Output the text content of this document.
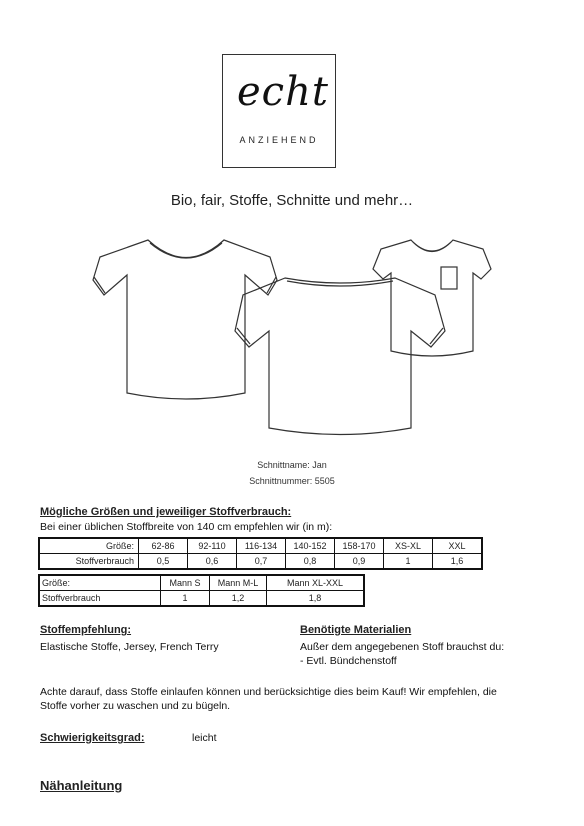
echt
ANZIEHEND
Bio, fair, Stoffe, Schnitte und mehr…
Schnittname: Jan
Schnittnummer: 5505
Mögliche Größen und jeweiliger Stoffverbrauch:
Bei einer üblichen Stoffbreite von 140 cm empfehlen wir (in m):
Größe:	62-86	92-110	116-134	140-152	158-170	XS-XL	XXL
Stoffverbrauch	0,5	0,6	0,7	0,8	0,9	1	1,6
Größe:	Mann S	Mann M-L	Mann XL-XXL
Stoffverbrauch	1	1,2	1,8
Stoffempfehlung:
Elastische Stoffe, Jersey, French Terry
Benötigte Materialien
Außer dem angegebenen Stoff brauchst du:
- Evtl. Bündchenstoff
Achte darauf, dass Stoffe einlaufen können und berücksichtige dies beim Kauf! Wir empfehlen, die
Stoffe vorher zu waschen und zu bügeln.
Schwierigkeitsgrad:	leicht
Nähanleitung
